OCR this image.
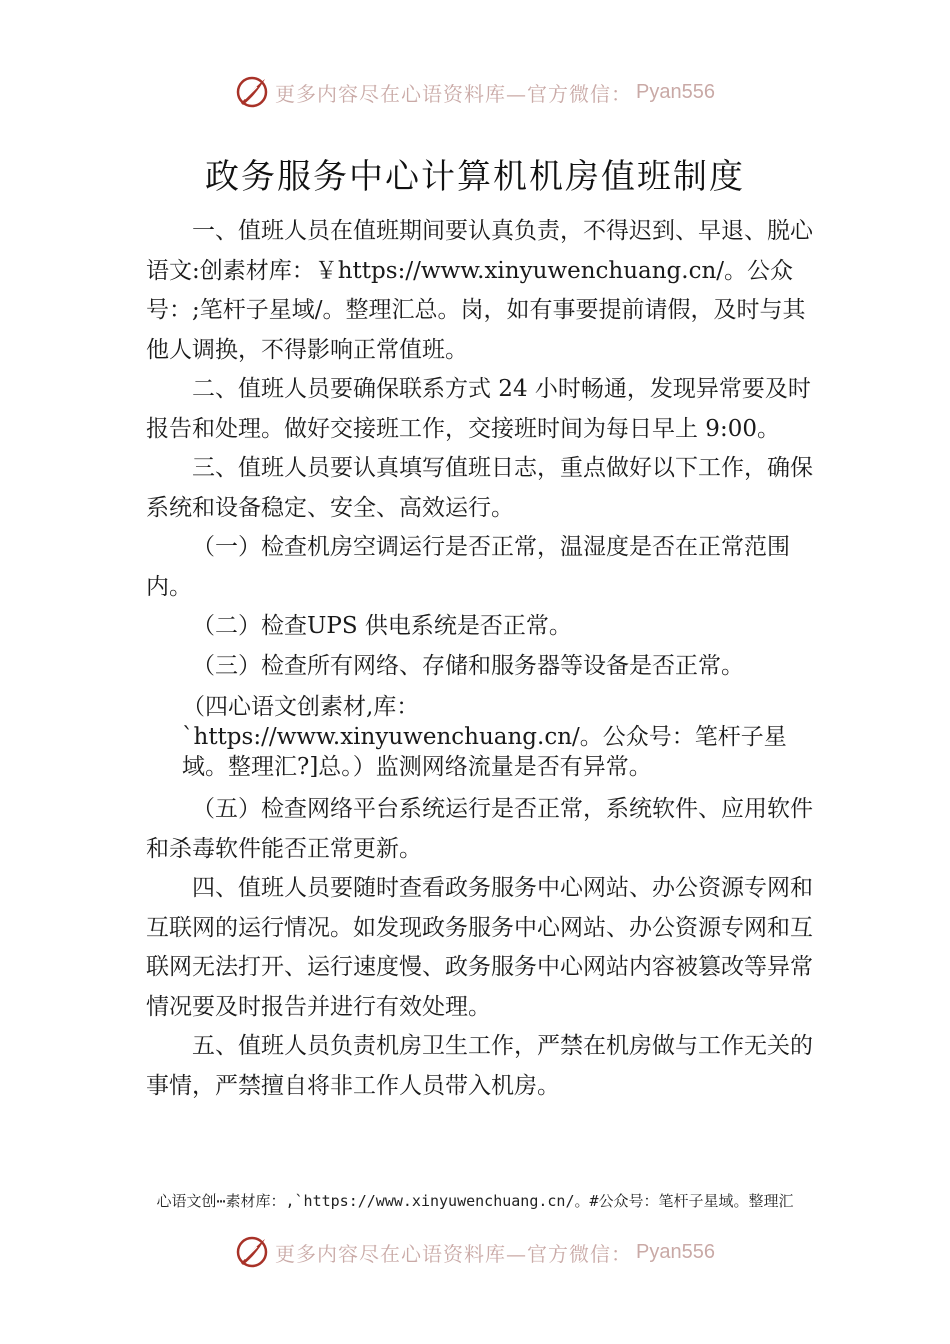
更多内容尽在心语资料库—官方微信： Pyan556
政务服务中心计算机机房值班制度

一、值班人员在值班期间要认真负责，不得迟到、早退、脱心语文:创素材库：￥https://www.xinyuwenchuang.cn/。公众号：;笔杆子星域/。整理汇总。岗，如有事要提前请假，及时与其他人调换，不得影响正常值班。

二、值班人员要确保联系方式 24 小时畅通，发现异常要及时报告和处理。做好交接班工作，交接班时间为每日早上 9:00。

三、值班人员要认真填写值班日志，重点做好以下工作，确保系统和设备稳定、安全、高效运行。

（一）检查机房空调运行是否正常，温湿度是否在正常范围内。

（二）检查UPS 供电系统是否正常。

（三）检查所有网络、存储和服务器等设备是否正常。

（四心语文创素材,库：`https://www.xinyuwenchuang.cn/。公众号：笔杆子星域。整理汇?]总。）监测网络流量是否有异常。

（五）检查网络平台系统运行是否正常，系统软件、应用软件和杀毒软件能否正常更新。

四、值班人员要随时查看政务服务中心网站、办公资源专网和互联网的运行情况。如发现政务服务中心网站、办公资源专网和互联网无法打开、运行速度慢、政务服务中心网站内容被篡改等异常情况要及时报告并进行有效处理。

五、值班人员负责机房卫生工作，严禁在机房做与工作无关的事情，严禁擅自将非工作人员带入机房。

心语文创⋯素材库：,`https://www.xinyuwenchuang.cn/。#公众号：笔杆子星域。整理汇
更多内容尽在心语资料库—官方微信： Pyan556
